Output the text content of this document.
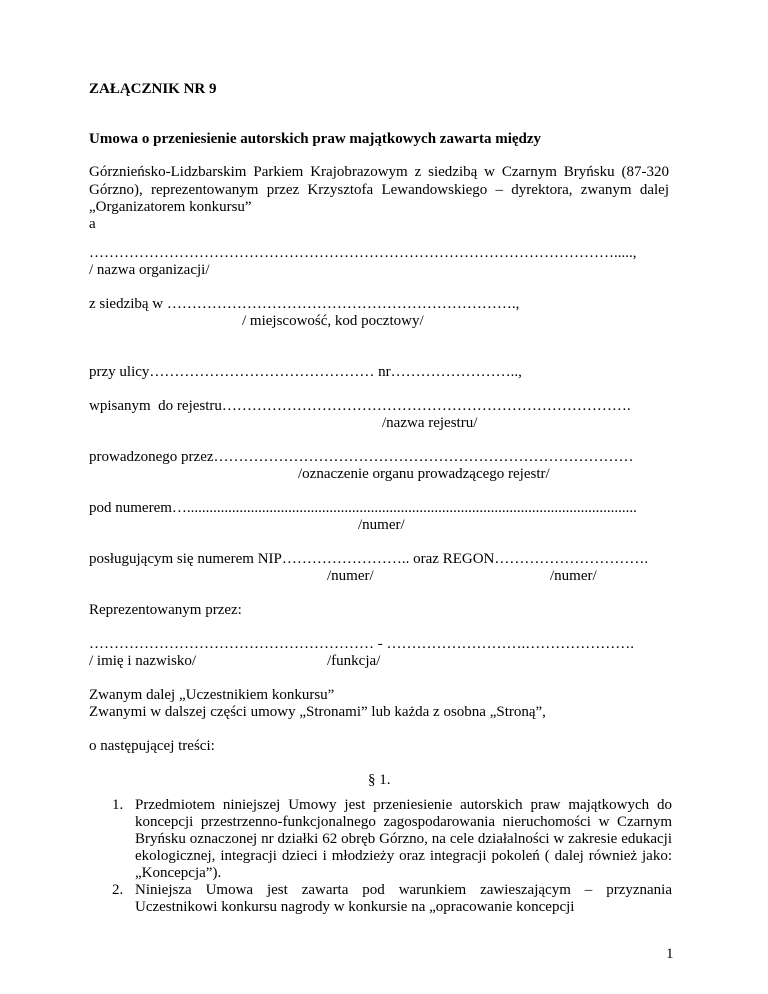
ZAŁĄCZNIK NR 9
Umowa o przeniesienie autorskich praw majątkowych zawarta między
Górznieńsko-Lidzbarskim Parkiem Krajobrazowym z siedzibą w Czarnym Bryńsku (87-320
Górzno), reprezentowanym przez Krzysztofa Lewandowskiego – dyrektora, zwanym dalej
„Organizatorem konkursu”
a
…………………………………………………………………………………………….....,
/ nazwa organizacji/
z siedzibą w …………………………………………………………….,
/ miejscowość, kod pocztowy/
przy ulicy……………………………………… nr……………………..,
wpisanym  do rejestru……………………………………………………………………….
/nazwa rejestru/
prowadzonego przez…………………………………………………………………………
/oznaczenie organu prowadzącego rejestr/
pod numerem…........................................................................................................................
/numer/
posługującym się numerem NIP…………………….. oraz REGON………………………….
/numer/	/numer/
Reprezentowanym przez:
………………………………………………… - ……………………….………………….
/ imię i nazwisko/	/funkcja/
Zwanym dalej „Uczestnikiem konkursu”
Zwanymi w dalszej części umowy „Stronami” lub każda z osobna „Stroną”,
o następującej treści:
§ 1.
1. Przedmiotem niniejszej Umowy jest przeniesienie autorskich praw majątkowych do koncepcji przestrzenno-funkcjonalnego zagospodarowania nieruchomości w Czarnym Bryńsku oznaczonej nr działki 62 obręb Górzno, na cele działalności w zakresie edukacji ekologicznej, integracji dzieci i młodzieży oraz integracji pokoleń ( dalej również jako: „Koncepcja”).
2. Niniejsza Umowa jest zawarta pod warunkiem zawieszającym – przyznania Uczestnikowi konkursu nagrody w konkursie na „opracowanie koncepcji
1
